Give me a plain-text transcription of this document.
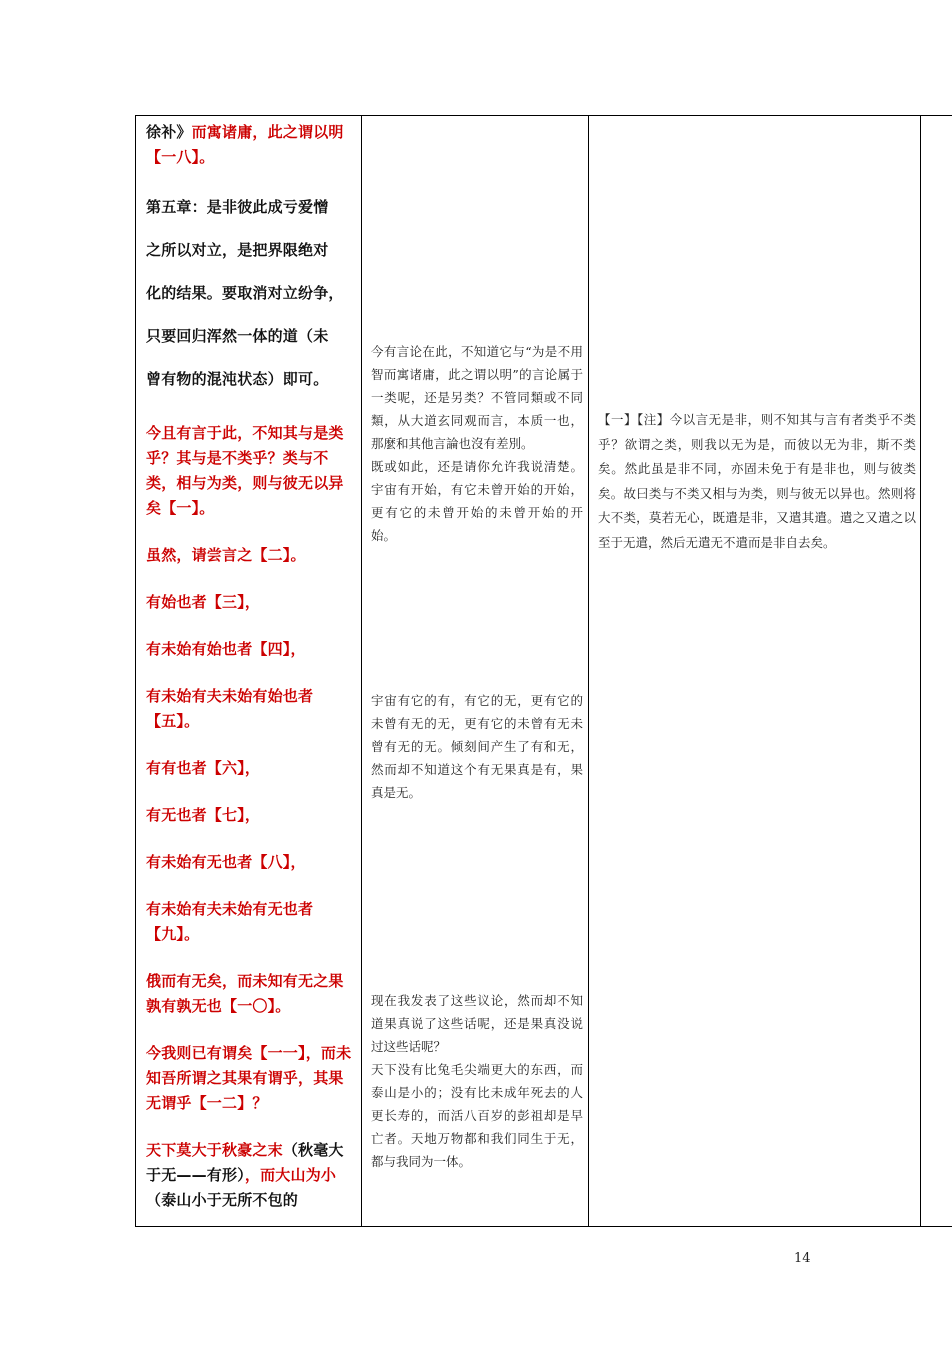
徐补》而寓诸庸，此之谓以明【一八】。

第五章：是非彼此成亏爱憎

之所以对立，是把界限绝对

化的结果。要取消对立纷争，

只要回归浑然一体的道（未

曾有物的混沌状态）即可。

今且有言于此，不知其与是类乎？其与是不类乎？类与不类，相与为类，则与彼无以异矣【一】。

虽然，请尝言之【二】。

有始也者【三】，

有未始有始也者【四】，

有未始有夫未始有始也者【五】。

有有也者【六】，

有无也者【七】，

有未始有无也者【八】，

有未始有夫未始有无也者【九】。

俄而有无矣，而未知有无之果孰有孰无也【一〇】。

今我则已有谓矣【一一】，而未知吾所谓之其果有谓乎，其果无谓乎【一二】？

天下莫大于秋豪之末（秋毫大于无——有形），而大山为小（泰山小于无所不包的

今有言论在此，不知道它与“为是不用智而寓诸庸，此之谓以明”的言论属于一类呢，还是另类？不管同類或不同類，从大道玄同观而言，本质一也，那麼和其他言論也沒有差別。

既或如此，还是请你允许我说清楚。宇宙有开始，有它未曾开始的开始，更有它的未曾开始的未曾开始的开始。

宇宙有它的有，有它的无，更有它的未曾有无的无，更有它的未曾有无未曾有无的无。倾刻间产生了有和无，然而却不知道这个有无果真是有，果真是无。

现在我发表了这些议论，然而却不知道果真说了这些话呢，还是果真没说过这些话呢？

天下没有比兔毛尖端更大的东西，而泰山是小的；没有比未成年死去的人更长寿的，而活八百岁的彭祖却是早亡者。天地万物都和我们同生于无，都与我同为一体。

【一】【注】今以言无是非，则不知其与言有者类乎不类乎？欲谓之类，则我以无为是，而彼以无为非，斯不类矣。然此虽是非不同，亦固未免于有是非也，则与彼类矣。故曰类与不类又相与为类，则与彼无以异也。然则将大不类，莫若无心，既遣是非，又遣其遣。遣之又遣之以至于无遣，然后无遣无不遣而是非自去矣。
14
